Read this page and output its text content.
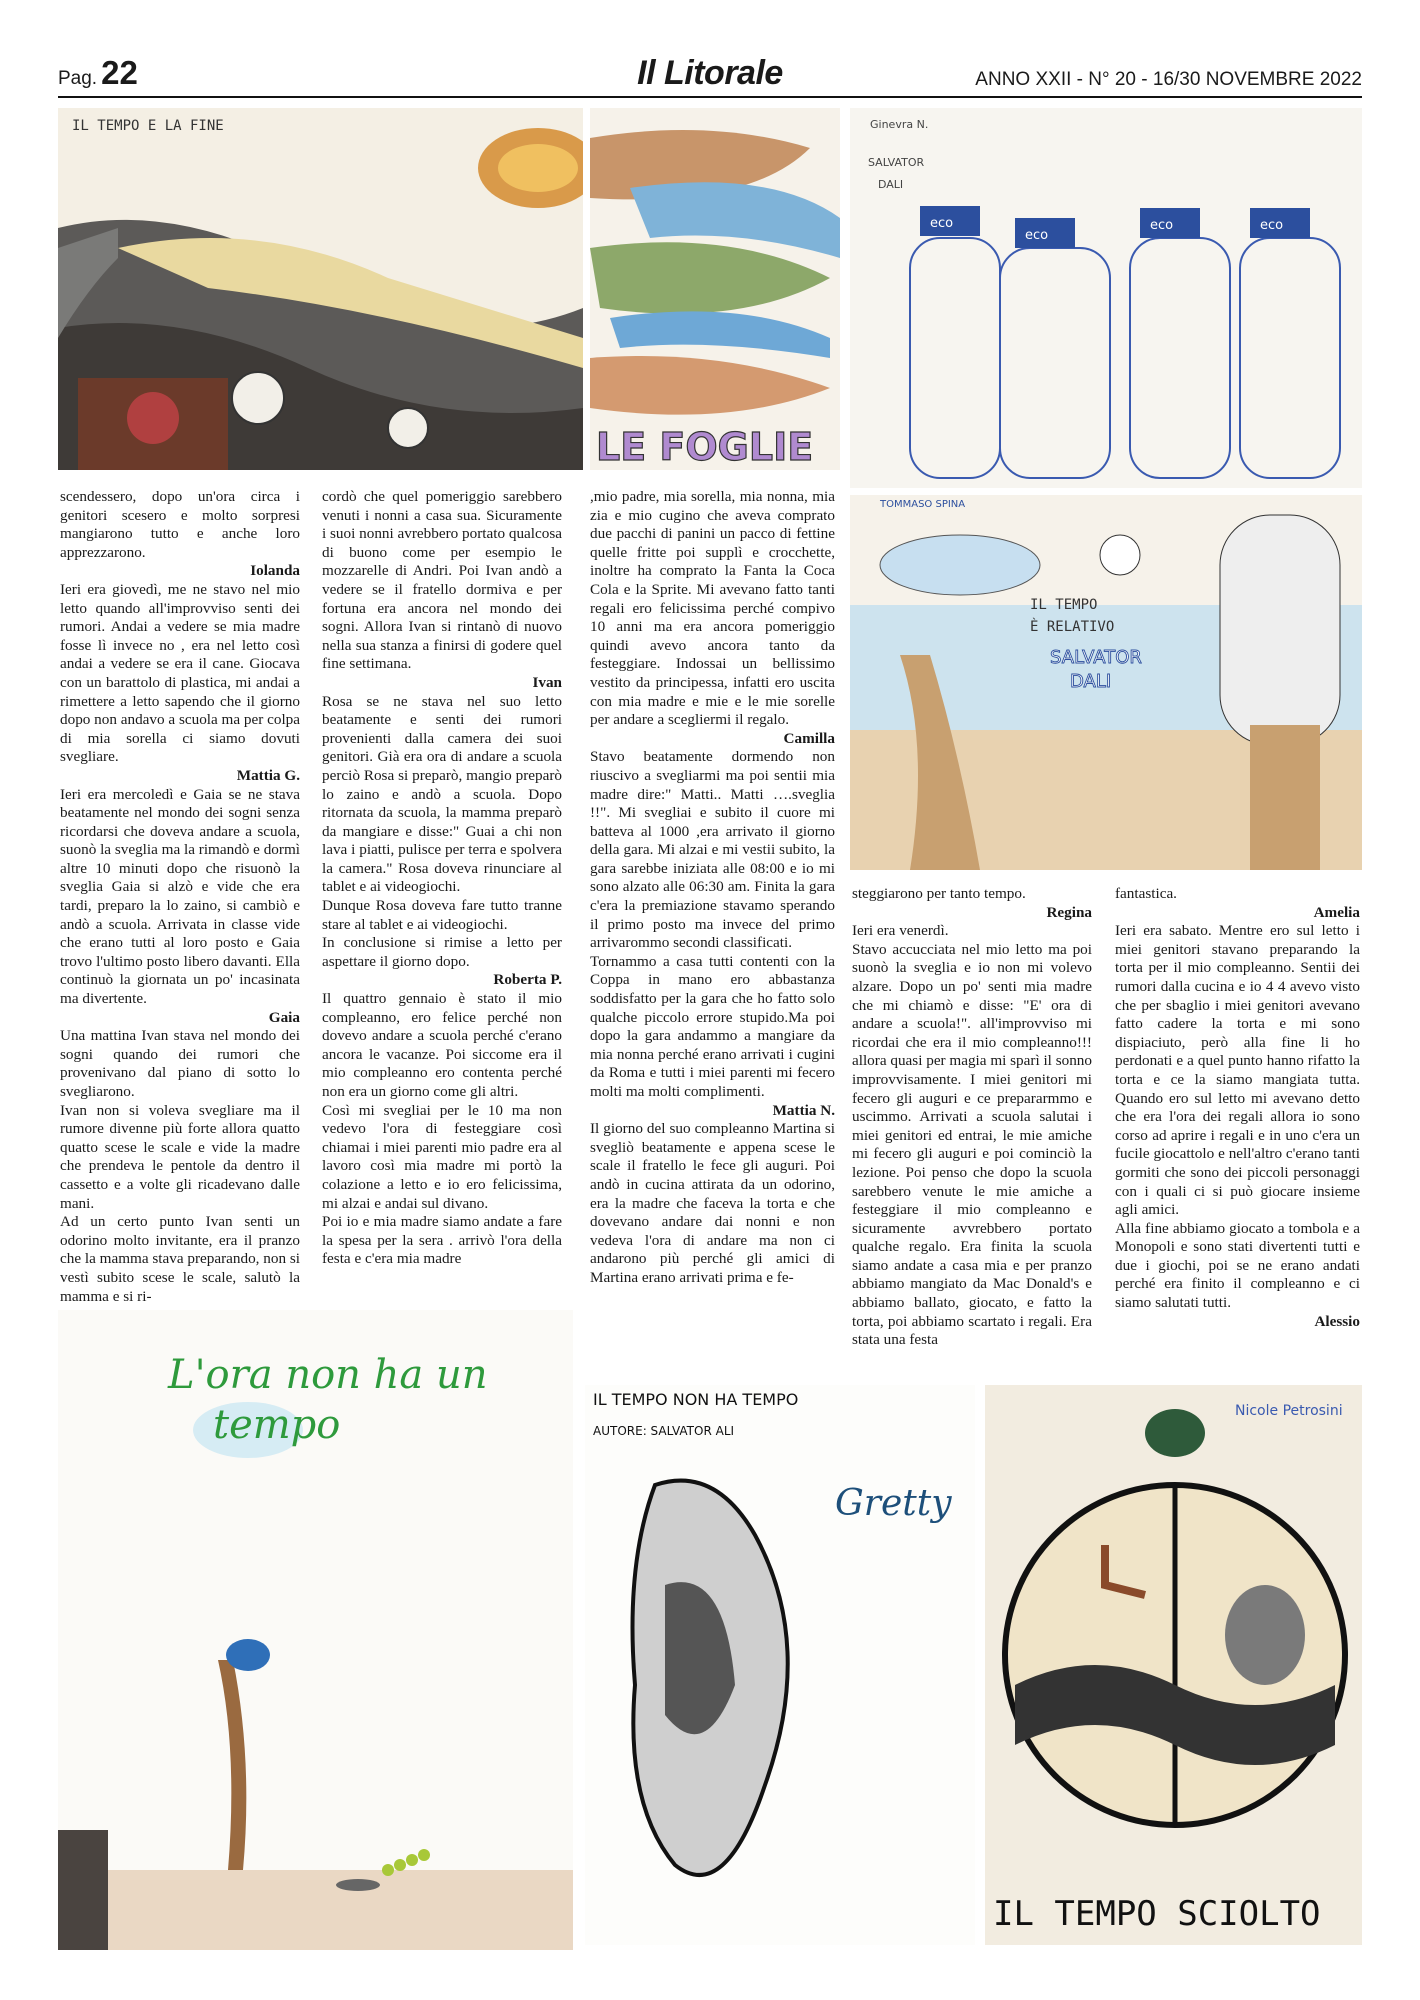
Pag. 22	Il Litorale	ANNO XXII - N° 20 - 16/30 NOVEMBRE 2022
IL TEMPO E LA FINE
LE FOGLIE
Ginevra N.
SALVATOR
DALI
eco
eco
eco	eco
TOMMASO SPINA
IL TEMPO
È RELATIVO
SALVATOR
DALI
L'ora non ha un
tempo
IL TEMPO NON HA TEMPO
AUTORE: SALVATOR ALI
Gretty
Nicole Petrosini
IL TEMPO SCIOLTO

scendessero, dopo un'ora circa i genitori scesero e molto sorpresi mangiarono tutto e anche loro apprezzarono.

Iolanda

Ieri era giovedì, me ne stavo nel mio letto quando all'improvviso senti dei rumori. Andai a vedere se mia madre fosse lì invece no , era nel letto così andai a vedere se era il cane. Giocava con un barattolo di plastica, mi andai a rimettere a letto sapendo che il giorno dopo non andavo a scuola ma per colpa di mia sorella ci siamo dovuti svegliare.

Mattia G.

Ieri era mercoledì e Gaia se ne stava beatamente nel mondo dei sogni senza ricordarsi che doveva andare a scuola, suonò la sveglia ma la rimandò e dormì altre 10 minuti dopo che risuonò la sveglia Gaia si alzò e vide che era tardi, preparo la lo zaino, si cambiò e andò a scuola. Arrivata in classe vide che erano tutti al loro posto e Gaia trovo l'ultimo posto libero davanti. Ella continuò la giornata un po' incasinata ma divertente.

Gaia

Una mattina Ivan stava nel mondo dei sogni quando dei rumori che provenivano dal piano di sotto lo svegliarono.

Ivan non si voleva svegliare ma il rumore divenne più forte allora quatto quatto scese le scale e vide la madre che prendeva le pentole da dentro il cassetto e a volte gli ricadevano dalle mani.

Ad un certo punto Ivan senti un odorino molto invitante, era il pranzo che la mamma stava preparando, non si vestì subito scese le scale, salutò la mamma e si ri-

cordò che quel pomeriggio sarebbero venuti i nonni a casa sua. Sicuramente i suoi nonni avrebbero portato qualcosa di buono come per esempio le mozzarelle di Andri. Poi Ivan andò a vedere se il fratello dormiva e per fortuna era ancora nel mondo dei sogni. Allora Ivan si rintanò di nuovo nella sua stanza a finirsi di godere quel fine settimana.

Ivan

Rosa se ne stava nel suo letto beatamente e senti dei rumori provenienti dalla camera dei suoi genitori. Già era ora di andare a scuola perciò Rosa si preparò, mangio preparò lo zaino e andò a scuola. Dopo ritornata da scuola, la mamma preparò da mangiare e disse:" Guai a chi non lava i piatti, pulisce per terra e spolvera la camera." Rosa doveva rinunciare al tablet e ai videogiochi.

Dunque Rosa doveva fare tutto tranne stare al tablet e ai videogiochi.

In conclusione si rimise a letto per aspettare il giorno dopo.

Roberta P.

Il quattro gennaio è stato il mio compleanno, ero felice perché non dovevo andare a scuola perché c'erano ancora le vacanze. Poi siccome era il mio compleanno ero contenta perché non era un giorno come gli altri.

Così mi svegliai per le 10 ma non vedevo l'ora di festeggiare così chiamai i miei parenti mio padre era al lavoro così mia madre mi portò la colazione a letto e io ero felicissima, mi alzai e andai sul divano.

Poi io e mia madre siamo andate a fare la spesa per la sera . arrivò l'ora della festa e c'era mia madre

,mio padre, mia sorella, mia nonna, mia zia e mio cugino che aveva comprato due pacchi di panini un pacco di fettine quelle fritte poi supplì e crocchette, inoltre ha comprato la Fanta la Coca Cola e la Sprite. Mi avevano fatto tanti regali ero felicissima perché compivo 10 anni ma era ancora pomeriggio quindi avevo ancora tanto da festeggiare. Indossai un bellissimo vestito da principessa, infatti ero uscita con mia madre e mie e le mie sorelle per andare a scegliermi il regalo.

Camilla

Stavo beatamente dormendo non riuscivo a svegliarmi ma poi sentii mia madre dire:" Matti.. Matti ….sveglia !!". Mi svegliai e subito il cuore mi batteva al 1000 ,era arrivato il giorno della gara. Mi alzai e mi vestii subito, la gara sarebbe iniziata alle 08:00 e io mi sono alzato alle 06:30 am. Finita la gara c'era la premiazione stavamo sperando il primo posto ma invece del primo arrivarommo secondi classificati.

Tornammo a casa tutti contenti con la Coppa in mano ero abbastanza soddisfatto per la gara che ho fatto solo qualche piccolo errore stupido.Ma poi dopo la gara andammo a mangiare da mia nonna perché erano arrivati i cugini da Roma e tutti i miei parenti mi fecero molti ma molti complimenti.

Mattia N.

Il giorno del suo compleanno Martina si svegliò beatamente e appena scese le scale il fratello le fece gli auguri. Poi andò in cucina attirata da un odorino, era la madre che faceva la torta e che dovevano andare dai nonni e non vedeva l'ora di andare ma non ci andarono più perché gli amici di Martina erano arrivati prima e fe-

steggiarono per tanto tempo.

Regina

Ieri era venerdì.

Stavo accucciata nel mio letto ma poi suonò la sveglia e io non mi volevo alzare. Dopo un po' senti mia madre che mi chiamò e disse: "E' ora di andare a scuola!". all'improvviso mi ricordai che era il mio compleanno!!! allora quasi per magia mi sparì il sonno improvvisamente. I miei genitori mi fecero gli auguri e ce prepararmmo e uscimmo. Arrivati a scuola salutai i miei genitori ed entrai, le mie amiche mi fecero gli auguri e poi cominciò la lezione. Poi penso che dopo la scuola sarebbero venute le mie amiche a festeggiare il mio compleanno e sicuramente avvrebbero portato qualche regalo. Era finita la scuola siamo andate a casa mia e per pranzo abbiamo mangiato da Mac Donald's e abbiamo ballato, giocato, e fatto la torta, poi abbiamo scartato i regali. Era stata una festa

fantastica.

Amelia

Ieri era sabato. Mentre ero sul letto i miei genitori stavano preparando la torta per il mio compleanno. Sentii dei rumori dalla cucina e io 4 4 avevo visto che per sbaglio i miei genitori avevano fatto cadere la torta e mi sono dispiaciuto, però alla fine li ho perdonati e a quel punto hanno rifatto la torta e ce la siamo mangiata tutta. Quando ero sul letto mi avevano detto che era l'ora dei regali allora io sono corso ad aprire i regali e in uno c'era un fucile giocattolo e nell'altro c'erano tanti gormiti che sono dei piccoli personaggi con i quali ci si può giocare insieme agli amici.

Alla fine abbiamo giocato a tombola e a Monopoli e sono stati divertenti tutti e due i giochi, poi se ne erano andati perché era finito il compleanno e ci siamo salutati tutti.

Alessio
